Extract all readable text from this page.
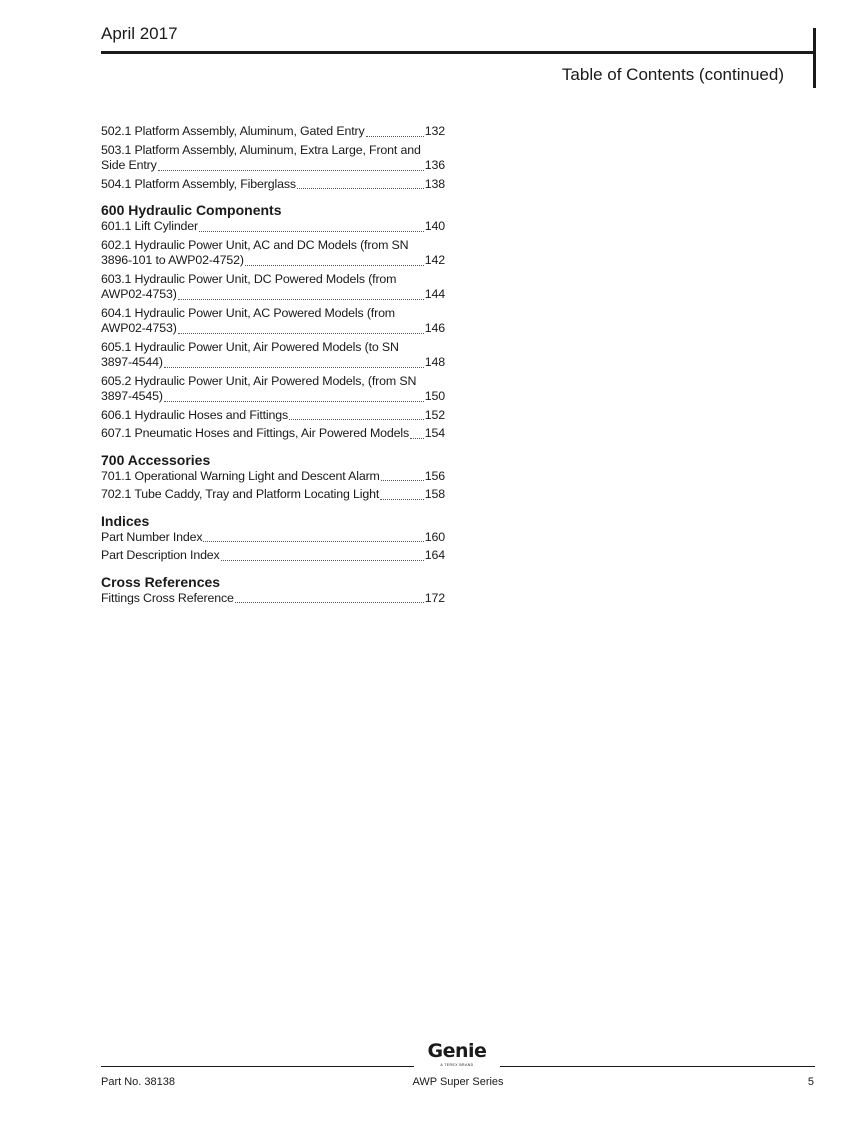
April 2017
Table of Contents (continued)
502.1 Platform Assembly, Aluminum, Gated Entry	132
503.1 Platform Assembly, Aluminum, Extra Large, Front and
Side Entry	136
504.1 Platform Assembly, Fiberglass	138
600 Hydraulic Components
601.1 Lift Cylinder	140
602.1 Hydraulic Power Unit, AC and DC Models (from SN
3896-101 to AWP02-4752)	142
603.1 Hydraulic Power Unit, DC Powered Models (from
AWP02-4753)	144
604.1 Hydraulic Power Unit, AC Powered Models (from
AWP02-4753)	146
605.1 Hydraulic Power Unit, Air Powered Models (to SN
3897-4544)	148
605.2 Hydraulic Power Unit, Air Powered Models, (from SN
3897-4545)	150
606.1 Hydraulic Hoses and Fittings	152
607.1 Pneumatic Hoses and Fittings, Air Powered Models 154
700 Accessories
701.1 Operational Warning Light and Descent Alarm	156
702.1 Tube Caddy, Tray and Platform Locating Light	158
Indices
Part Number Index	160
Part Description Index	164
Cross References
Fittings Cross Reference	172
Genie
A TEREX BRAND
Part No. 38138	AWP Super Series	5
